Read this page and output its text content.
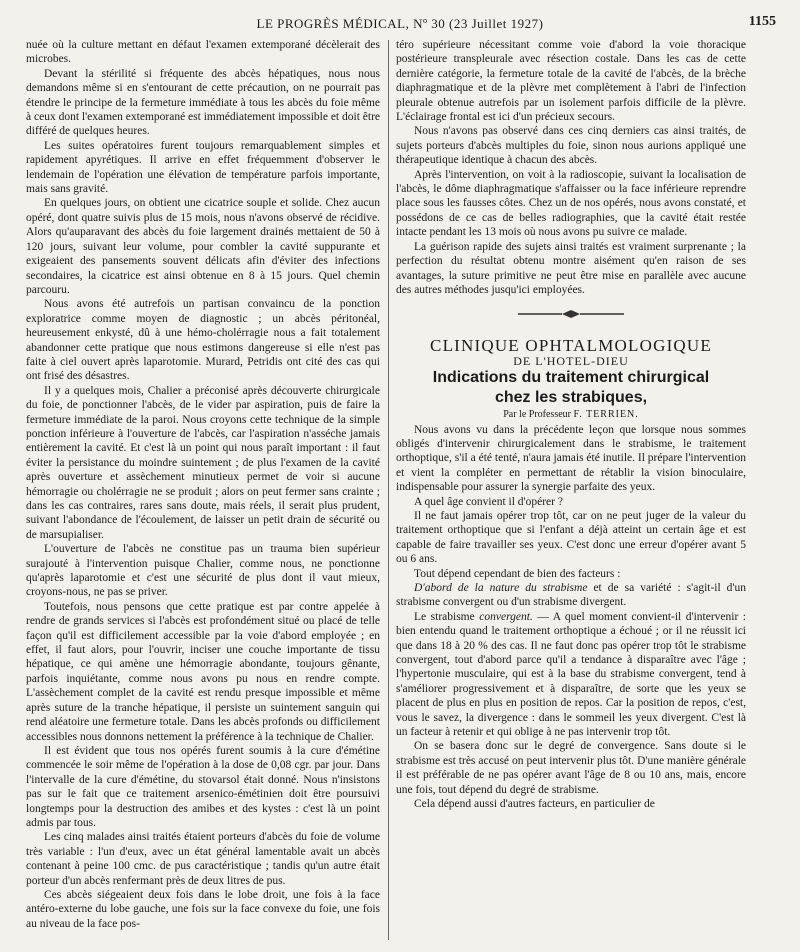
LE PROGRÈS MÉDICAL, Nº 30 (23 Juillet 1927)	1155

nuée où la culture mettant en défaut l'examen extemporané décèlerait des microbes.

Devant la stérilité si fréquente des abcès hépatiques, nous nous demandons même si en s'entourant de cette précaution, on ne pourrait pas étendre le principe de la fermeture immédiate à tous les abcès du foie même à ceux dont l'examen extemporané est immédiatement impossible et doit être différé de quelques heures.

Les suites opératoires furent toujours remarquablement simples et rapidement apyrétiques. Il arrive en effet fréquemment d'observer le lendemain de l'opération une élévation de température parfois importante, mais sans gravité.

En quelques jours, on obtient une cicatrice souple et solide. Chez aucun opéré, dont quatre suivis plus de 15 mois, nous n'avons observé de récidive. Alors qu'auparavant des abcès du foie largement drainés mettaient de 50 à 120 jours, suivant leur volume, pour combler la cavité suppurante et exigeaient des pansements souvent délicats afin d'éviter des infections secondaires, la cicatrice est ainsi obtenue en 8 à 15 jours. Quel chemin parcouru.

Nous avons été autrefois un partisan convaincu de la ponction exploratrice comme moyen de diagnostic ; un abcès péritonéal, heureusement enkysté, dû à une hémo-cholérragie nous a fait totalement abandonner cette pratique que nous estimons dangereuse si elle n'est pas faite à ciel ouvert après laparotomie. Murard, Petridis ont cité des cas qui ont frisé des désastres.

Il y a quelques mois, Chalier a préconisé après découverte chirurgicale du foie, de ponctionner l'abcès, de le vider par aspiration, puis de faire la fermeture immédiate de la paroi. Nous croyons cette technique de la simple ponction inférieure à l'ouverture de l'abcès, car l'aspiration n'asséche jamais entièrement la cavité. Et c'est là un point qui nous paraît important : il faut éviter la persistance du moindre suintement ; de plus l'examen de la cavité après ouverture et assèchement minutieux permet de voir si aucune hémorragie ou cholérragie ne se produit ; alors on peut fermer sans crainte ; dans les cas contraires, rares sans doute, mais réels, il serait plus prudent, suivant l'abondance de l'écoulement, de laisser un petit drain de sécurité ou de marsupialiser.

L'ouverture de l'abcès ne constitue pas un trauma bien supérieur surajouté à l'intervention puisque Chalier, comme nous, ne ponctionne qu'après laparotomie et c'est une sécurité de plus dont il vaut mieux, croyons-nous, ne pas se priver.

Toutefois, nous pensons que cette pratique est par contre appelée à rendre de grands services si l'abcès est profondément situé ou placé de telle façon qu'il est difficilement accessible par la voie d'abord employée ; en effet, il faut alors, pour l'ouvrir, inciser une couche importante de tissu hépatique, ce qui amène une hémorragie abondante, toujours gênante, parfois inquiétante, comme nous avons pu nous en rendre compte. L'assèchement complet de la cavité est rendu presque impossible et même après suture de la tranche hépatique, il persiste un suintement sanguin qui rend aléatoire une fermeture totale. Dans les abcès profonds ou difficilement accessibles nous donnons nettement la préférence à la technique de Chalier.

Il est évident que tous nos opérés furent soumis à la cure d'émétine commencée le soir même de l'opération à la dose de 0,08 cgr. par jour. Dans l'intervalle de la cure d'émétine, du stovarsol était donné. Nous n'insistons pas sur le fait que ce traitement arsenico-émétinien doit être poursuivi longtemps pour la destruction des amibes et des kystes : c'est là un point admis par tous.

Les cinq malades ainsi traités étaient porteurs d'abcès du foie de volume très variable : l'un d'eux, avec un état général lamentable avait un abcès contenant à peine 100 cmc. de pus caractéristique ; tandis qu'un autre était porteur d'un abcès renfermant près de deux litres de pus.

Ces abcès siégeaient deux fois dans le lobe droit, une fois à la face antéro-externe du lobe gauche, une fois sur la face convexe du foie, une fois au niveau de la face pos-

téro supérieure nécessitant comme voie d'abord la voie thoracique postérieure transpleurale avec résection costale. Dans les cas de cette dernière catégorie, la fermeture totale de la cavité de l'abcès, de la brèche diaphragmatique et de la plèvre met complètement à l'abri de l'infection pleurale obtenue autrefois par un isolement parfois difficile de la plèvre. L'éclairage frontal est ici d'un précieux secours.

Nous n'avons pas observé dans ces cinq derniers cas ainsi traités, de sujets porteurs d'abcès multiples du foie, sinon nous aurions appliqué une thérapeutique identique à chacun des abcès.

Après l'intervention, on voit à la radioscopie, suivant la localisation de l'abcès, le dôme diaphragmatique s'affaisser ou la face inférieure reprendre place sous les fausses côtes. Chez un de nos opérés, nous avons constaté, et possédons de ce cas de belles radiographies, que la cavité était restée intacte pendant les 13 mois où nous avons pu suivre ce malade.

La guérison rapide des sujets ainsi traités est vraiment surprenante ; la perfection du résultat obtenu montre aisément qu'en raison de ses avantages, la suture primitive ne peut être mise en parallèle avec aucune des autres méthodes jusqu'ici employées.

CLINIQUE OPHTALMOLOGIQUE

DE L'HOTEL-DIEU

Indications du traitement chirurgical
chez les strabiques,

Par le Professeur F. TERRIEN.

Nous avons vu dans la précédente leçon que lorsque nous sommes obligés d'intervenir chirurgicalement dans le strabisme, le traitement orthoptique, s'il a été tenté, n'aura jamais été inutile. Il prépare l'intervention et vient la compléter en permettant de rétablir la vision binoculaire, indispensable pour assurer la synergie parfaite des yeux.

A quel âge convient il d'opérer ?

Il ne faut jamais opérer trop tôt, car on ne peut juger de la valeur du traitement orthoptique que si l'enfant a déjà atteint un certain âge et est capable de faire travailler ses yeux. C'est donc une erreur d'opérer avant 5 ou 6 ans.

Tout dépend cependant de bien des facteurs :

D'abord de la nature du strabisme et de sa variété : s'agit-il d'un strabisme convergent ou d'un strabisme divergent.

Le strabisme convergent. — A quel moment convient-il d'intervenir : bien entendu quand le traitement orthoptique a échoué ; or il ne réussit ici que dans 18 à 20 % des cas. Il ne faut donc pas opérer trop tôt le strabisme convergent, tout d'abord parce qu'il a tendance à disparaître avec l'âge ; l'hypertonie musculaire, qui est à la base du strabisme convergent, tend à s'améliorer progressivement et à disparaître, de sorte que les yeux se placent de plus en plus en position de repos. Car la position de repos, c'est, vous le savez, la divergence : dans le sommeil les yeux divergent. C'est là un facteur à retenir et qui oblige à ne pas intervenir trop tôt.

On se basera donc sur le degré de convergence. Sans doute si le strabisme est très accusé on peut intervenir plus tôt. D'une manière générale il est préférable de ne pas opérer avant l'âge de 8 ou 10 ans, mais, encore une fois, tout dépend du degré de strabisme.

Cela dépend aussi d'autres facteurs, en particulier de
